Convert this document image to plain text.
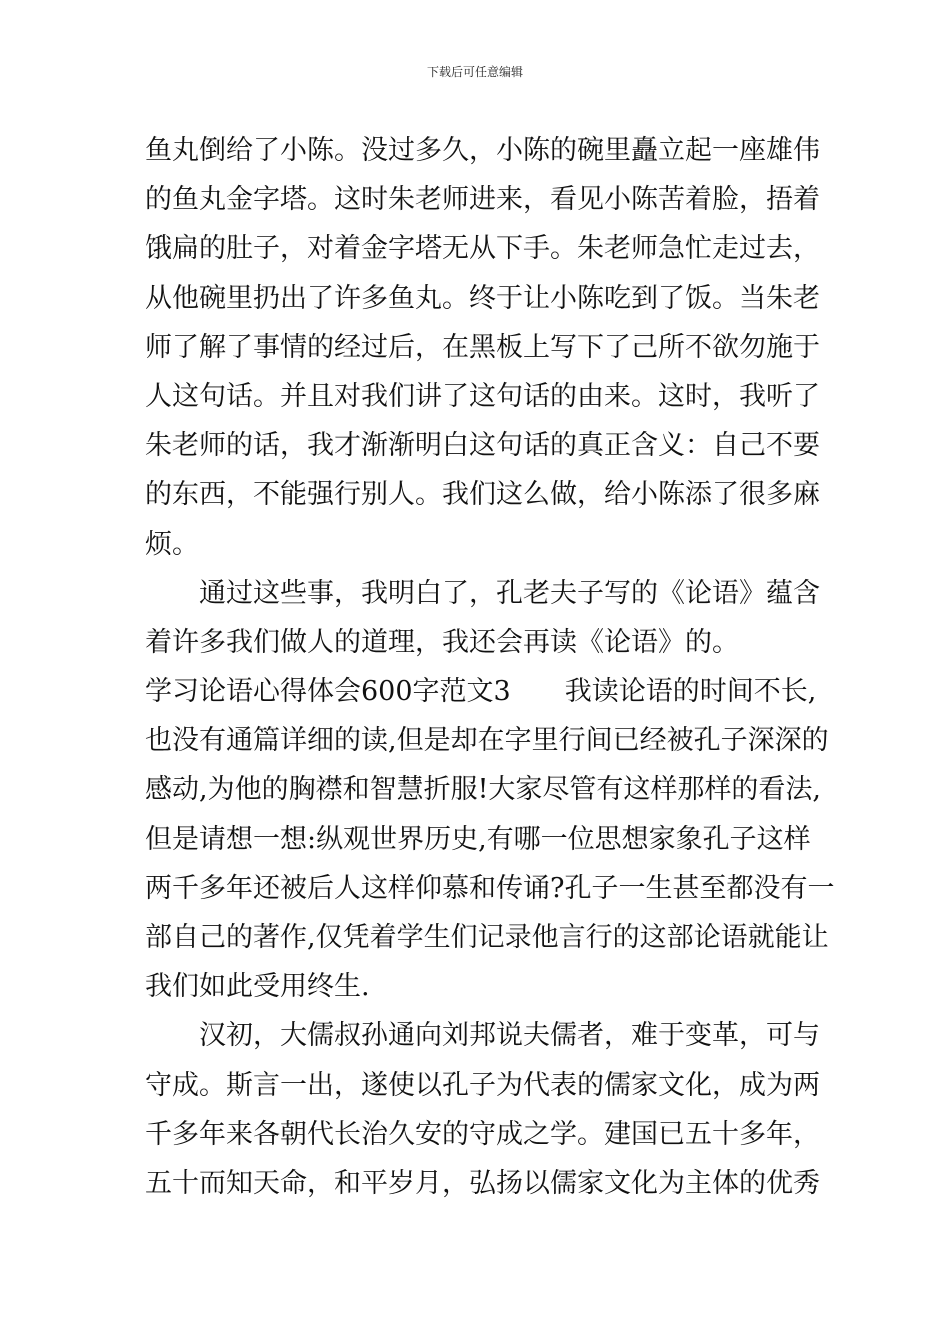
下载后可任意编辑
鱼丸倒给了小陈。没过多久，小陈的碗里矗立起一座雄伟
的鱼丸金字塔。这时朱老师进来，看见小陈苦着脸，捂着
饿扁的肚子，对着金字塔无从下手。朱老师急忙走过去，
从他碗里扔出了许多鱼丸。终于让小陈吃到了饭。当朱老
师了解了事情的经过后，在黑板上写下了己所不欲勿施于
人这句话。并且对我们讲了这句话的由来。这时，我听了
朱老师的话，我才渐渐明白这句话的真正含义：自己不要
的东西，不能强行别人。我们这么做，给小陈添了很多麻
烦。
　　通过这些事，我明白了，孔老夫子写的《论语》蕴含
着许多我们做人的道理，我还会再读《论语》的。
学习论语心得体会600字范文3　　我读论语的时间不长,
也没有通篇详细的读,但是却在字里行间已经被孔子深深的
感动,为他的胸襟和智慧折服!大家尽管有这样那样的看法,
但是请想一想:纵观世界历史,有哪一位思想家象孔子这样
两千多年还被后人这样仰慕和传诵?孔子一生甚至都没有一
部自己的著作,仅凭着学生们记录他言行的这部论语就能让
我们如此受用终生.
　　汉初，大儒叔孙通向刘邦说夫儒者，难于变革，可与
守成。斯言一出，遂使以孔子为代表的儒家文化，成为两
千多年来各朝代长治久安的守成之学。建国已五十多年，
五十而知天命，和平岁月，弘扬以儒家文化为主体的优秀
